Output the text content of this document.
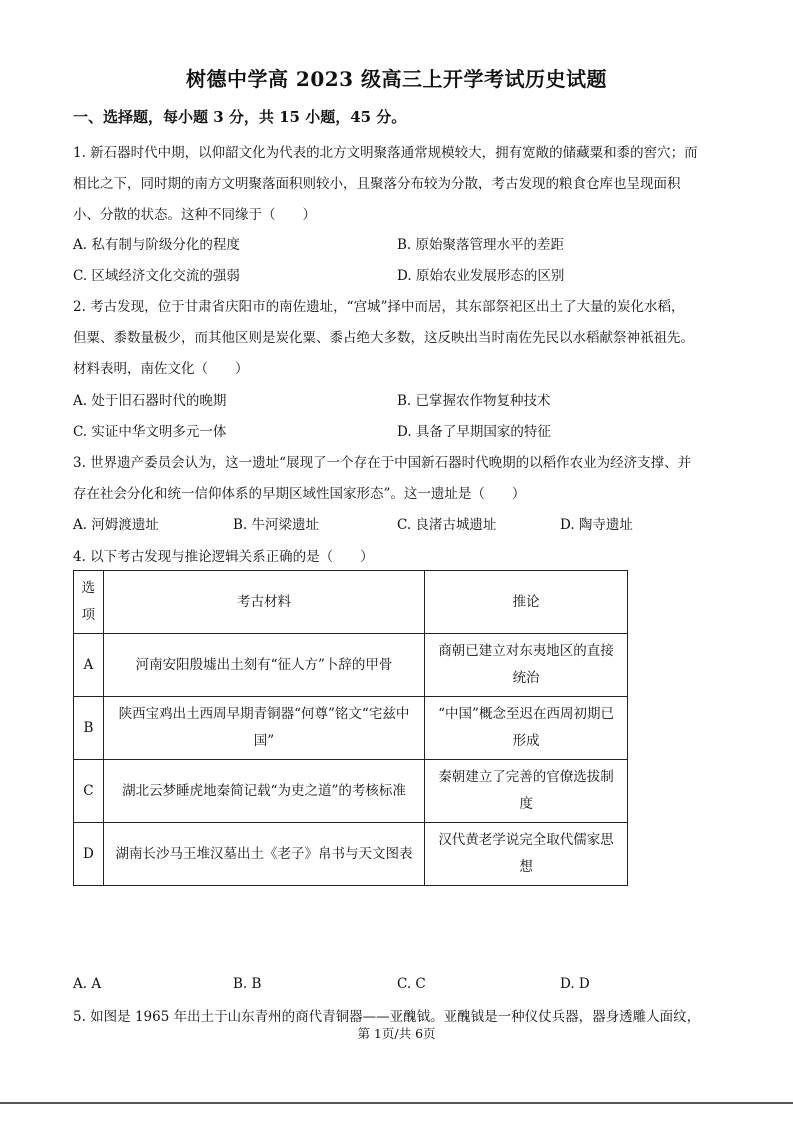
树德中学高 2023 级高三上开学考试历史试题
一、选择题，每小题 3 分，共 15 小题，45 分。
1. 新石器时代中期，以仰韶文化为代表的北方文明聚落通常规模较大，拥有宽敞的储藏粟和黍的窖穴；而
相比之下，同时期的南方文明聚落面积则较小，且聚落分布较为分散，考古发现的粮食仓库也呈现面积
小、分散的状态。这种不同缘于（　　）
A. 私有制与阶级分化的程度	B. 原始聚落管理水平的差距
C. 区域经济文化交流的强弱	D. 原始农业发展形态的区别
2. 考古发现，位于甘肃省庆阳市的南佐遗址，“宫城”择中而居，其东部祭祀区出土了大量的炭化水稻，
但粟、黍数量极少，而其他区则是炭化粟、黍占绝大多数，这反映出当时南佐先民以水稻献祭神祇祖先。
材料表明，南佐文化（　　）
A. 处于旧石器时代的晚期	B. 已掌握农作物复种技术
C. 实证中华文明多元一体	D. 具备了早期国家的特征
3. 世界遗产委员会认为，这一遗址“展现了一个存在于中国新石器时代晚期的以稻作农业为经济支撑、并
存在社会分化和统一信仰体系的早期区域性国家形态”。这一遗址是（　　）
A. 河姆渡遗址	B. 牛河梁遗址	C. 良渚古城遗址	D. 陶寺遗址
4. 以下考古发现与推论逻辑关系正确的是（　　）
选项	考古材料	推论
A	河南安阳殷墟出土刻有“征人方”卜辞的甲骨	商朝已建立对东夷地区的直接统治
B	陕西宝鸡出土西周早期青铜器“何尊”铭文“宅兹中国”	“中国”概念至迟在西周初期已形成
C	湖北云梦睡虎地秦简记载“为吏之道”的考核标准	秦朝建立了完善的官僚选拔制度
D	湖南长沙马王堆汉墓出土《老子》帛书与天文图表	汉代黄老学说完全取代儒家思想
A. A	B. B	C. C	D. D
5. 如图是 1965 年出土于山东青州的商代青铜器——亚醜钺。亚醜钺是一种仪仗兵器，器身透雕人面纹，
第 1页/共 6页
